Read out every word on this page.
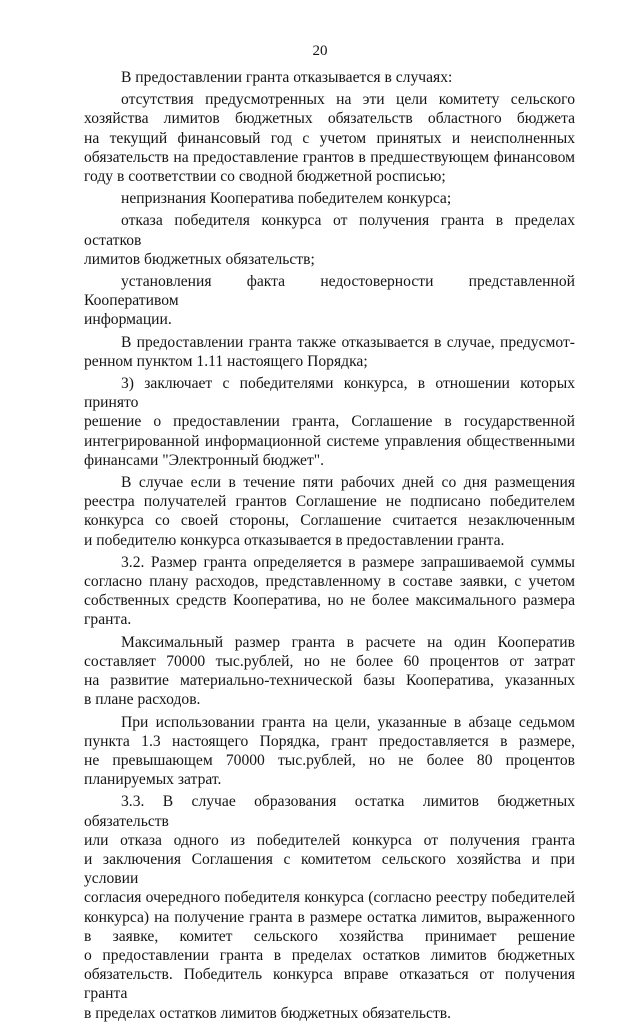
20

В предоставлении гранта отказывается в случаях:

отсутствия предусмотренных на эти цели комитету сельского
хозяйства лимитов бюджетных обязательств областного бюджета
на текущий финансовый год с учетом принятых и неисполненных
обязательств на предоставление грантов в предшествующем финансовом
году в соответствии со сводной бюджетной росписью;

непризнания Кооператива победителем конкурса;

отказа победителя конкурса от получения гранта в пределах остатков
лимитов бюджетных обязательств;

установления факта недостоверности представленной Кооперативом
информации.

В предоставлении гранта также отказывается в случае, предусмот-
ренном пунктом 1.11 настоящего Порядка;

3) заключает с победителями конкурса, в отношении которых принято
решение о предоставлении гранта, Соглашение в государственной
интегрированной информационной системе управления общественными
финансами "Электронный бюджет".

В случае если в течение пяти рабочих дней со дня размещения
реестра получателей грантов Соглашение не подписано победителем
конкурса со своей стороны, Соглашение считается незаключенным
и победителю конкурса отказывается в предоставлении гранта.

3.2. Размер гранта определяется в размере запрашиваемой суммы
согласно плану расходов, представленному в составе заявки, с учетом
собственных средств Кооператива, но не более максимального размера
гранта.

Максимальный размер гранта в расчете на один Кооператив
составляет 70000 тыс.рублей, но не более 60 процентов от затрат
на развитие материально-технической базы Кооператива, указанных
в плане расходов.

При использовании гранта на цели, указанные в абзаце седьмом
пункта 1.3 настоящего Порядка, грант предоставляется в размере,
не превышающем 70000 тыс.рублей, но не более 80 процентов
планируемых затрат.

3.3. В случае образования остатка лимитов бюджетных обязательств
или отказа одного из победителей конкурса от получения гранта
и заключения Соглашения с комитетом сельского хозяйства и при условии
согласия очередного победителя конкурса (согласно реестру победителей
конкурса) на получение гранта в размере остатка лимитов, выраженного
в заявке, комитет сельского хозяйства принимает решение
о предоставлении гранта в пределах остатков лимитов бюджетных
обязательств. Победитель конкурса вправе отказаться от получения гранта
в пределах остатков лимитов бюджетных обязательств.
